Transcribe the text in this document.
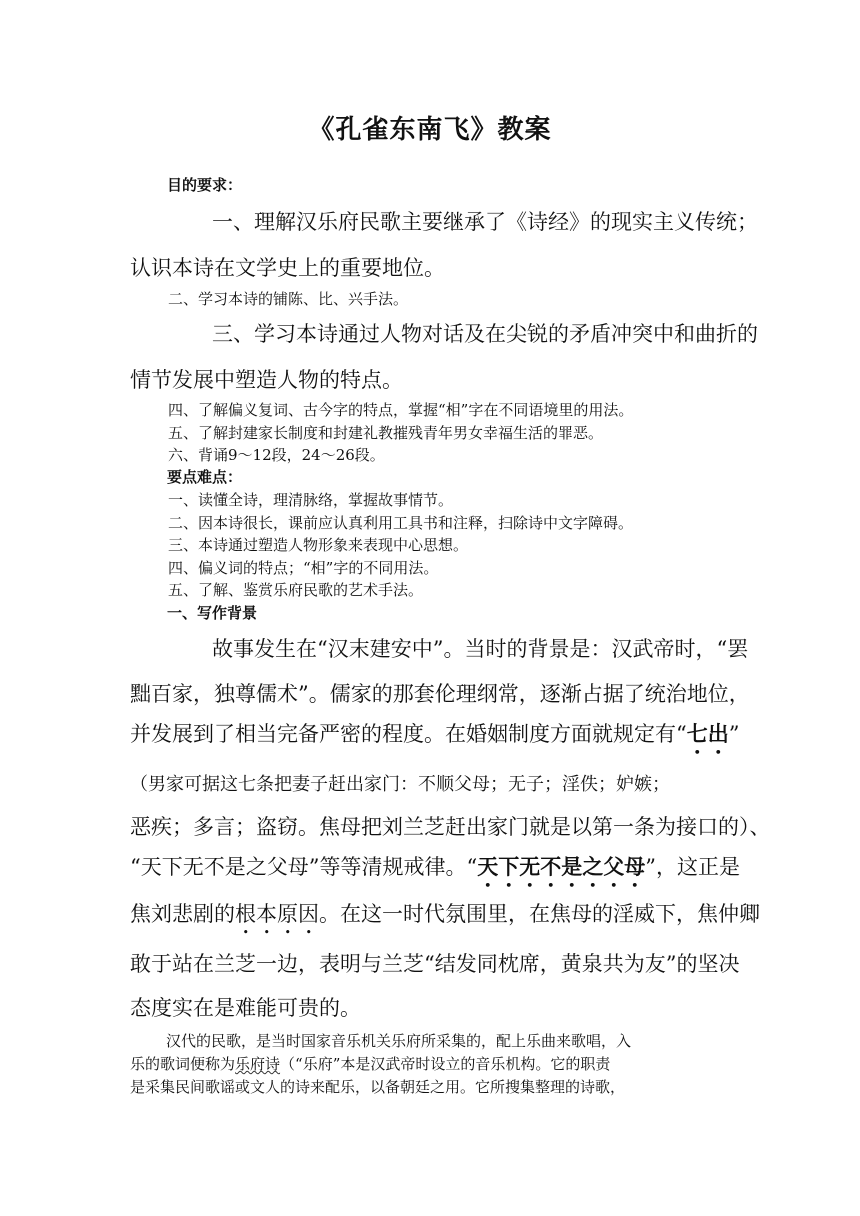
《孔雀东南飞》教案
目的要求：
一、理解汉乐府民歌主要继承了《诗经》的现实主义传统；
认识本诗在文学史上的重要地位。
二、学习本诗的铺陈、比、兴手法。
三、学习本诗通过人物对话及在尖锐的矛盾冲突中和曲折的
情节发展中塑造人物的特点。
四、了解偏义复词、古今字的特点，掌握“相”字在不同语境里的用法。
五、了解封建家长制度和封建礼教摧残青年男女幸福生活的罪恶。
六、背诵9～12段，24～26段。
要点难点：
一、读懂全诗，理清脉络，掌握故事情节。
二、因本诗很长，课前应认真利用工具书和注释，扫除诗中文字障碍。
三、本诗通过塑造人物形象来表现中心思想。
四、偏义词的特点；“相”字的不同用法。
五、了解、鉴赏乐府民歌的艺术手法。
一、写作背景
故事发生在“汉末建安中”。当时的背景是：汉武帝时，“罢
黜百家，独尊儒术”。儒家的那套伦理纲常，逐渐占据了统治地位，
并发展到了相当完备严密的程度。在婚姻制度方面就规定有“七出”
（男家可据这七条把妻子赶出家门：不顺父母；无子；淫佚；妒嫉；
恶疾；多言；盗窃。焦母把刘兰芝赶出家门就是以第一条为接口的）、
“天下无不是之父母”等等清规戒律。“天下无不是之父母”，这正是
焦刘悲剧的根本原因。在这一时代氛围里，在焦母的淫威下，焦仲卿
敢于站在兰芝一边，表明与兰芝“结发同枕席，黄泉共为友”的坚决
态度实在是难能可贵的。
汉代的民歌，是当时国家音乐机关乐府所采集的，配上乐曲来歌唱，入
乐的歌词便称为乐府诗（“乐府”本是汉武帝时设立的音乐机构。它的职责
是采集民间歌谣或文人的诗来配乐，以备朝廷之用。它所搜集整理的诗歌，
